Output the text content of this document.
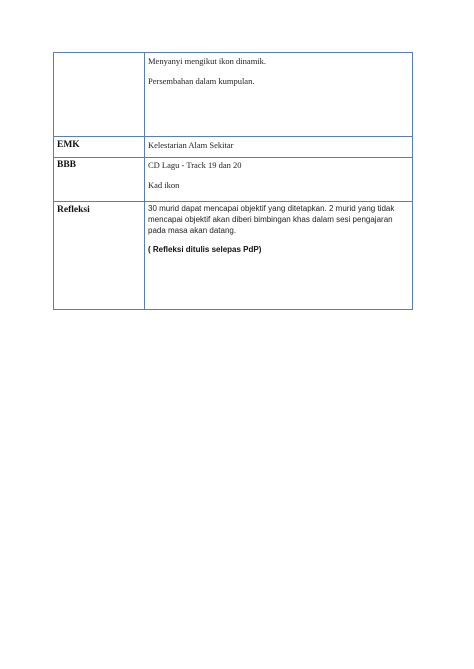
	Menyanyi mengikut ikon dinamik.

Persembahan dalam kumpulan.

EMK	Kelestarian Alam Sekitar
BBB	CD Lagu - Track 19 dan 20

Kad ikon

Refleksi	30 murid dapat mencapai objektif yang ditetapkan. 2 murid yang tidak mencapai objektif akan diberi bimbingan khas dalam sesi pengajaran pada masa akan datang.

( Refleksi ditulis selepas PdP)
